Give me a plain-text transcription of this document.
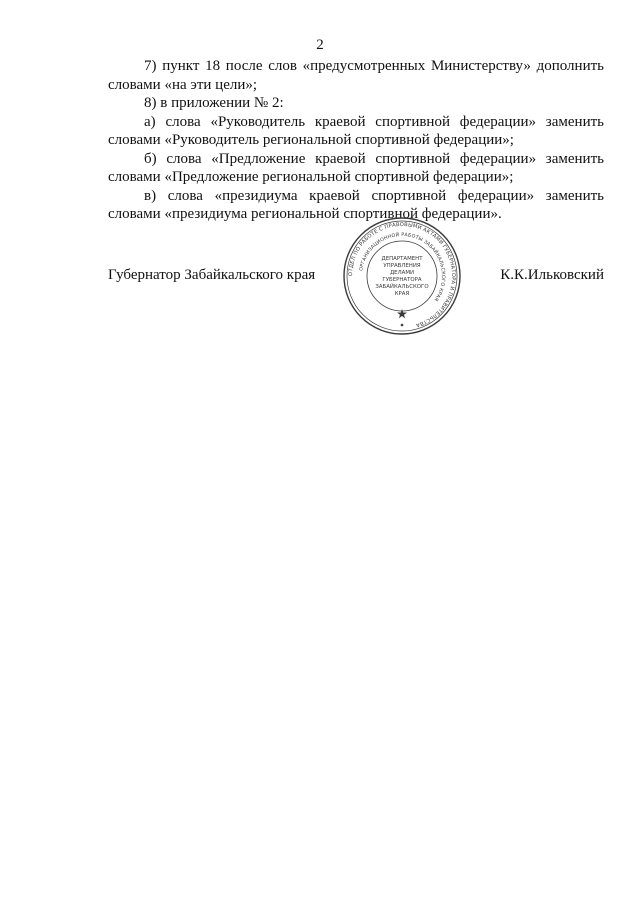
2

7) пункт 18 после слов «предусмотренных Министерству» дополнить словами «на эти цели»;

8) в приложении № 2:

а) слова «Руководитель краевой спортивной федерации» заменить словами «Руководитель региональной спортивной федерации»;

б) слова «Предложение краевой спортивной федерации» заменить словами «Предложение региональной спортивной федерации»;

в) слова «президиума краевой спортивной федерации» заменить словами «президиума региональной спортивной федерации».

ОТДЕЛ ПО РАБОТЕ С ПРАВОВЫМИ АКТАМИ ГУБЕРНАТОРА И ПРАВИТЕЛЬСТВА
ОРГАНИЗАЦИОННОЙ РАБОТЫ ЗАБАЙКАЛЬСКОГО КРАЯ
ДЕПАРТАМЕНТ
УПРАВЛЕНИЯ
ДЕЛАМИ
ГУБЕРНАТОРА
ЗАБАЙКАЛЬСКОГО
КРАЯ
Губернатор Забайкальского края	К.К.Ильковский
